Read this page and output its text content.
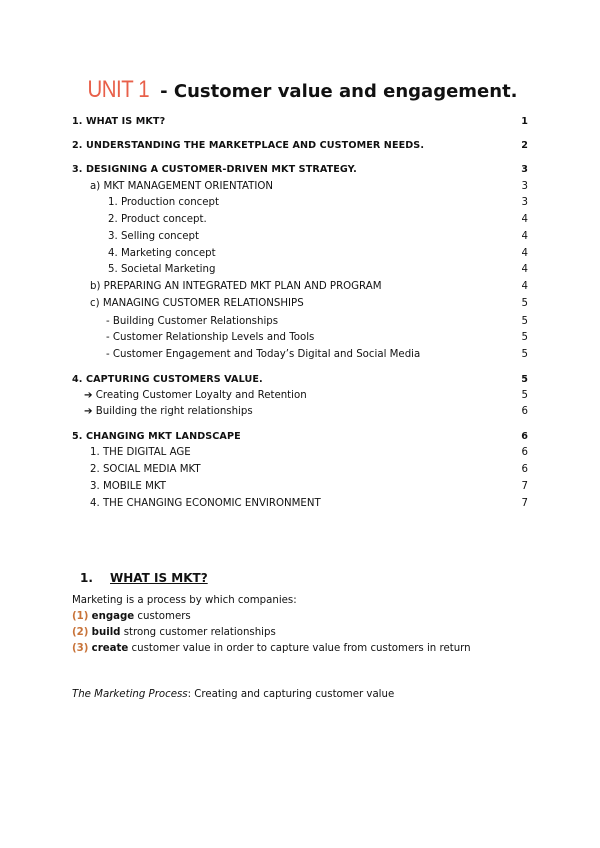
UNIT 1 - Customer value and engagement.
1. WHAT IS MKT?	1
2. UNDERSTANDING THE MARKETPLACE AND CUSTOMER NEEDS.	2
3. DESIGNING A CUSTOMER-DRIVEN MKT STRATEGY.	3
a) MKT MANAGEMENT ORIENTATION	3
1. Production concept	3
2. Product concept.	4
3. Selling concept	4
4. Marketing concept	4
5. Societal Marketing	4
b) PREPARING AN INTEGRATED MKT PLAN AND PROGRAM	4
c) MANAGING CUSTOMER RELATIONSHIPS	5
- Building Customer Relationships	5
- Customer Relationship Levels and Tools	5
- Customer Engagement and Today’s Digital and Social Media	5
4. CAPTURING CUSTOMERS VALUE.	5
➔ Creating Customer Loyalty and Retention	5
➔ Building the right relationships	6
5. CHANGING MKT LANDSCAPE	6
1. THE DIGITAL AGE	6
2. SOCIAL MEDIA MKT	6
3. MOBILE MKT	7
4. THE CHANGING ECONOMIC ENVIRONMENT	7
1. WHAT IS MKT?
Marketing is a process by which companies:
(1) engage customers
(2) build strong customer relationships
(3) create customer value in order to capture value from customers in return
The Marketing Process: Creating and capturing customer value
